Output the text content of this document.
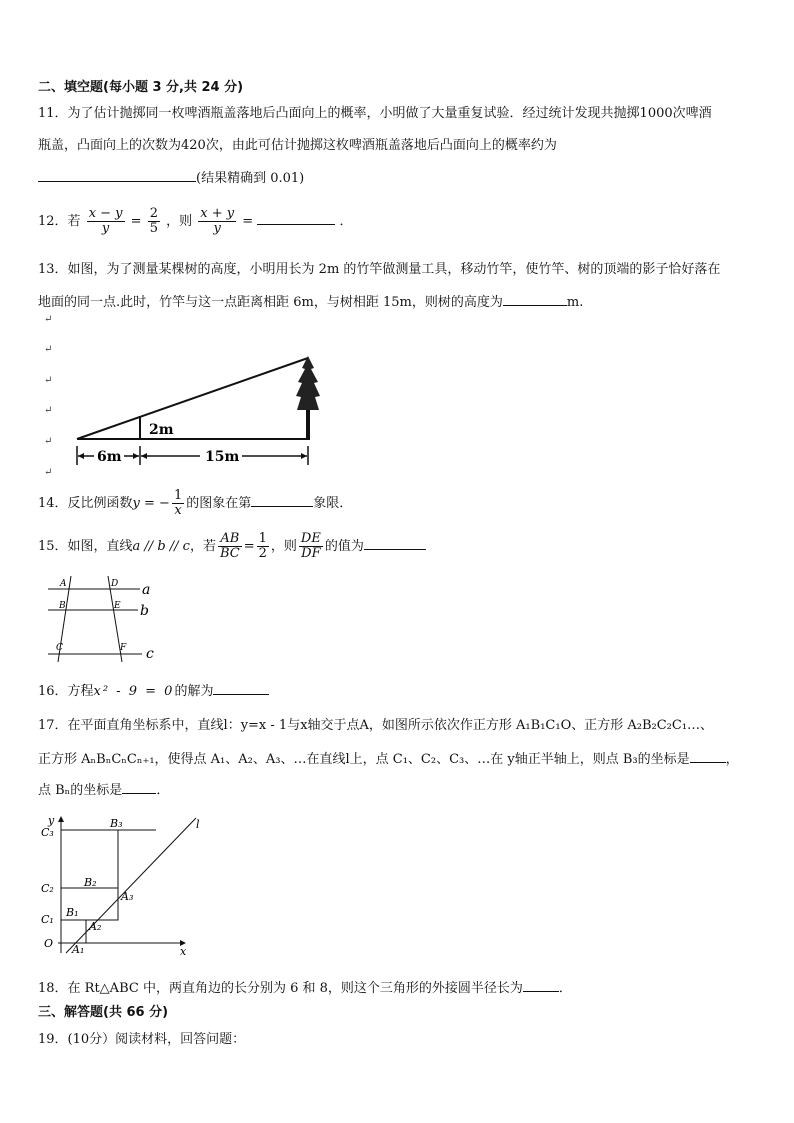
二、填空题(每小题 3 分,共 24 分)
11．为了估计抛掷同一枚啤酒瓶盖落地后凸面向上的概率，小明做了大量重复试验．经过统计发现共抛掷1000次啤酒
瓶盖，凸面向上的次数为420次，由此可估计抛掷这枚啤酒瓶盖落地后凸面向上的概率约为
(结果精确到 0.01)
12．若 $\frac{x - y}{y} = \frac{2}{5}$ ，则 $\frac{x + y}{y}$ =	．
13．如图，为了测量某棵树的高度，小明用长为 2m 的竹竿做测量工具，移动竹竿，使竹竿、树的顶端的影子恰好落在
地面的同一点.此时，竹竿与这一点距离相距 6m，与树相距 15m，则树的高度为	m.
↵
↵
↵
↵
↵
↵
2m
6m	15m
14．反比例函数y = − $\frac{1}{x}$ 的图象在第	象限．
15．如图，直线a // b // c，若 $\frac{AB}{BC} = \frac{1}{2}$ ，则 $\frac{DE}{DF}$ 的值为
A
B
C
D
E
F
a
b
c
16．方程x² - 9 = 0的解为
17．在平面直角坐标系中，直线l：y=x - 1与x轴交于点A，如图所示依次作正方形 A₁B₁C₁O、正方形 A₂B₂C₂C₁…、
正方形 AₙBₙCₙCₙ₊₁，使得点 A₁、A₂、A₃、…在直线l上，点 C₁、C₂、C₃、…在 y轴正半轴上，则点 B₃的坐标是	，
点 Bₙ的坐标是	．
y
x
l
O
C₁
C₂
C₃
B₁
B₂
B₃
A₁
A₂
A₃
18．在 Rt△ABC 中，两直角边的长分别为 6 和 8，则这个三角形的外接圆半径长为	．
三、解答题(共 66 分)
19．(10分）阅读材料，回答问题：
